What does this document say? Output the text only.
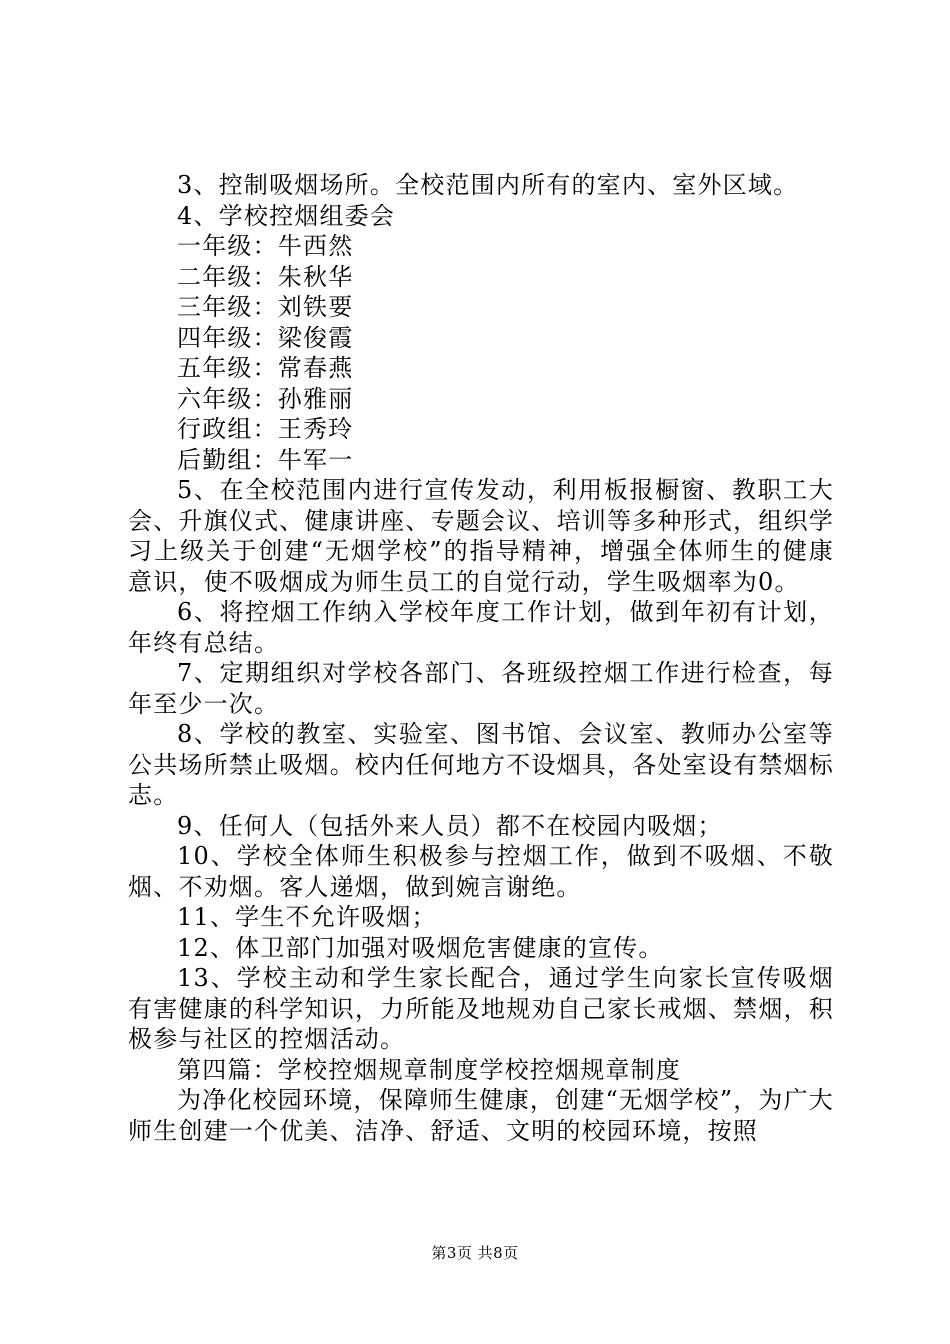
3、控制吸烟场所。全校范围内所有的室内、室外区域。

4、学校控烟组委会

一年级：牛西然

二年级：朱秋华

三年级：刘铁要

四年级：梁俊霞

五年级：常春燕

六年级：孙雅丽

行政组：王秀玲

后勤组：牛军一

5、在全校范围内进行宣传发动，利用板报橱窗、教职工大会、升旗仪式、健康讲座、专题会议、培训等多种形式，组织学习上级关于创建“无烟学校”的指导精神，增强全体师生的健康意识，使不吸烟成为师生员工的自觉行动，学生吸烟率为0。

6、将控烟工作纳入学校年度工作计划，做到年初有计划，年终有总结。

7、定期组织对学校各部门、各班级控烟工作进行检查，每年至少一次。

8、学校的教室、实验室、图书馆、会议室、教师办公室等公共场所禁止吸烟。校内任何地方不设烟具，各处室设有禁烟标志。

9、任何人（包括外来人员）都不在校园内吸烟；

10、学校全体师生积极参与控烟工作，做到不吸烟、不敬烟、不劝烟。客人递烟，做到婉言谢绝。

11、学生不允许吸烟；

12、体卫部门加强对吸烟危害健康的宣传。

13、学校主动和学生家长配合，通过学生向家长宣传吸烟有害健康的科学知识，力所能及地规劝自己家长戒烟、禁烟，积极参与社区的控烟活动。

第四篇：学校控烟规章制度学校控烟规章制度

为净化校园环境，保障师生健康，创建“无烟学校”，为广大师生创建一个优美、洁净、舒适、文明的校园环境，按照

第3页 共8页
